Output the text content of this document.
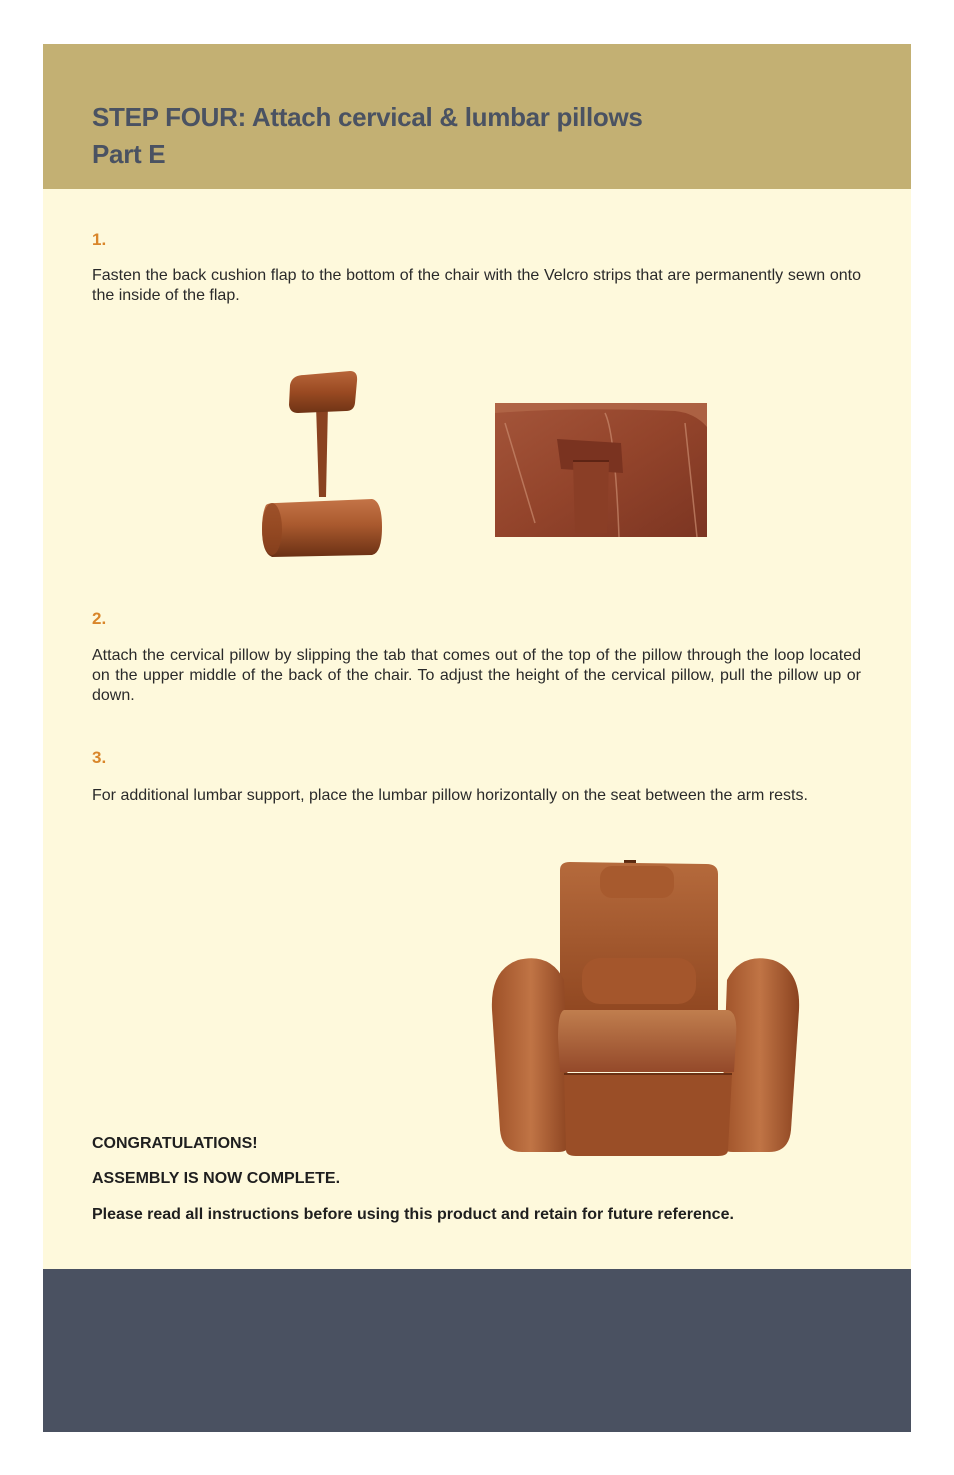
STEP FOUR: Attach cervical & lumbar pillows
Part E

1.

Fasten the back cushion flap to the bottom of the chair with the Velcro strips that are permanently sewn onto the inside of the flap.

2.

Attach the cervical pillow by slipping the tab that comes out of the top of the pillow through the loop located on the upper middle of the back of the chair. To adjust the height of the cervical pillow, pull the pillow up or down.

3.

For additional lumbar support, place the lumbar pillow horizontally on the seat between the arm rests.

CONGRATULATIONS!

ASSEMBLY IS NOW COMPLETE.

Please read all instructions before using this product and retain for future reference.
